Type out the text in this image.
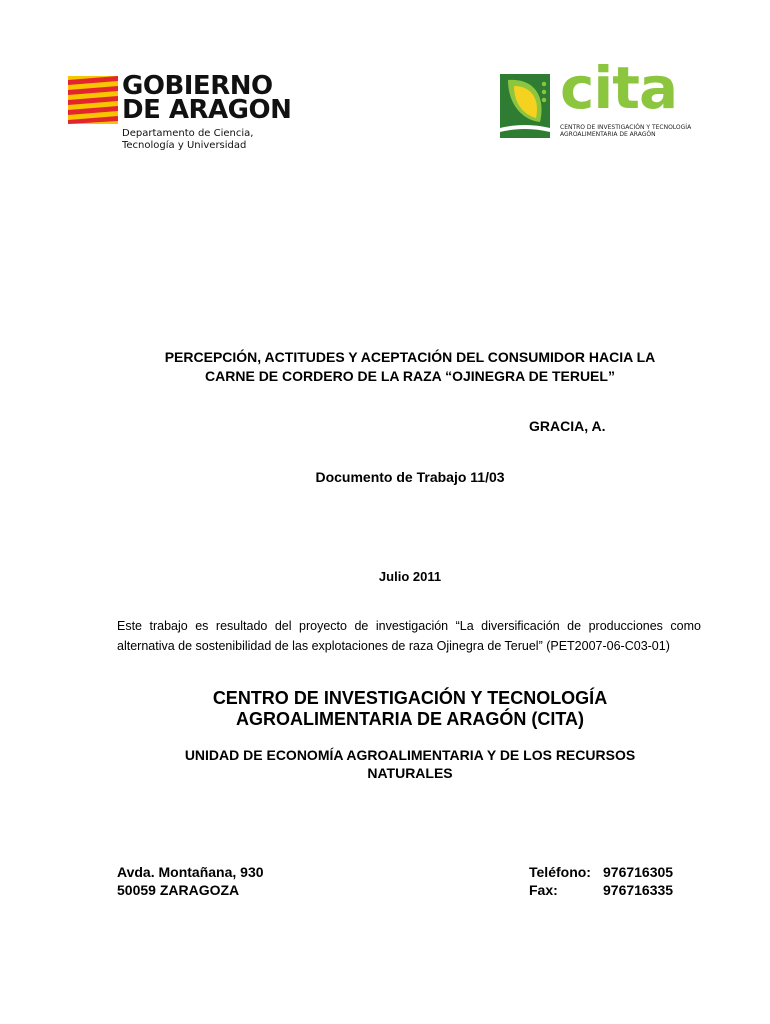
GOBIERNO
DE ARAGON
Departamento de Ciencia,
Tecnología y Universidad
cita
CENTRO DE INVESTIGACIÓN Y TECNOLOGÍA
AGROALIMENTARIA DE ARAGÓN
PERCEPCIÓN, ACTITUDES Y ACEPTACIÓN DEL CONSUMIDOR HACIA LA
CARNE DE CORDERO DE LA RAZA “OJINEGRA DE TERUEL”
GRACIA, A.
Documento de Trabajo 11/03
Julio 2011
Este trabajo es resultado del proyecto de investigación “La diversificación de producciones como alternativa de sostenibilidad de las explotaciones de raza Ojinegra de Teruel” (PET2007-06-C03-01)
CENTRO DE INVESTIGACIÓN Y TECNOLOGÍA
AGROALIMENTARIA DE ARAGÓN (CITA)
UNIDAD DE ECONOMÍA AGROALIMENTARIA Y DE LOS RECURSOS
NATURALES
Avda. Montañana, 930
50059 ZARAGOZA
Teléfono: 976716305
Fax:	976716335
